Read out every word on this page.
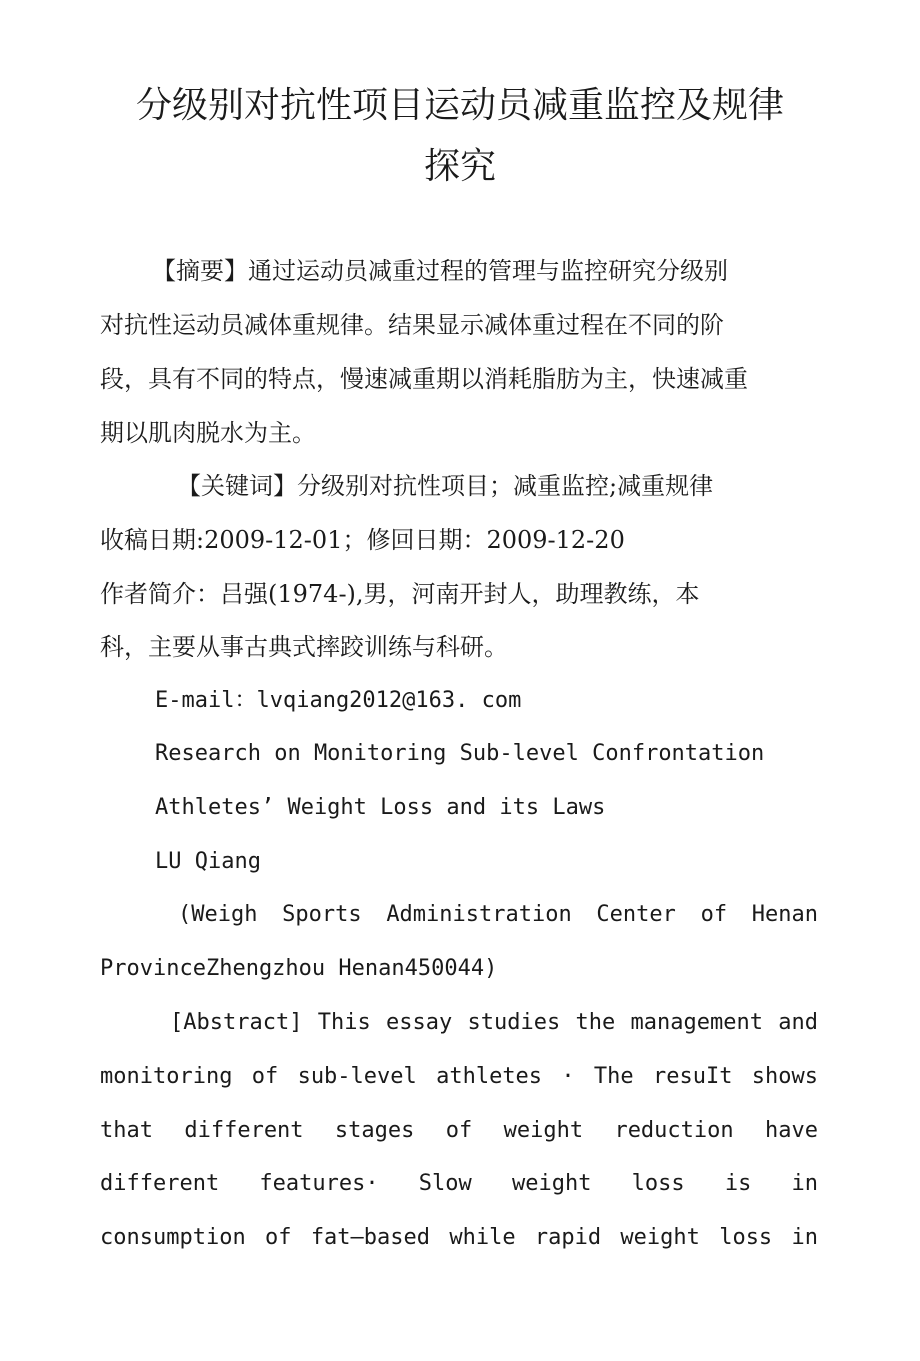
分级别对抗性项目运动员减重监控及规律
探究

【摘要】通过运动员减重过程的管理与监控研究分级别

对抗性运动员减体重规律。结果显示减体重过程在不同的阶

段，具有不同的特点，慢速减重期以消耗脂肪为主，快速减重

期以肌肉脱水为主。

【关键词】分级别对抗性项目；减重监控;减重规律

收稿日期:2009-12-01；修回日期：2009-12-20

作者简介：吕强(1974-),男，河南开封人，助理教练，本

科，主要从事古典式摔跤训练与科研。

E-mail：lvqiang2012@163. com

Research on Monitoring Sub-level Confrontation

Athletes’ Weight Loss and its Laws

LU Qiang

(Weigh Sports Administration Center of Henan

ProvinceZhengzhou Henan450044)

[Abstract] This essay studies the management and

monitoring of sub-level athletes · The resuIt shows

that different stages of weight reduction have

different features· Slow weight loss is in

consumption of fat—based while rapid weight loss in
